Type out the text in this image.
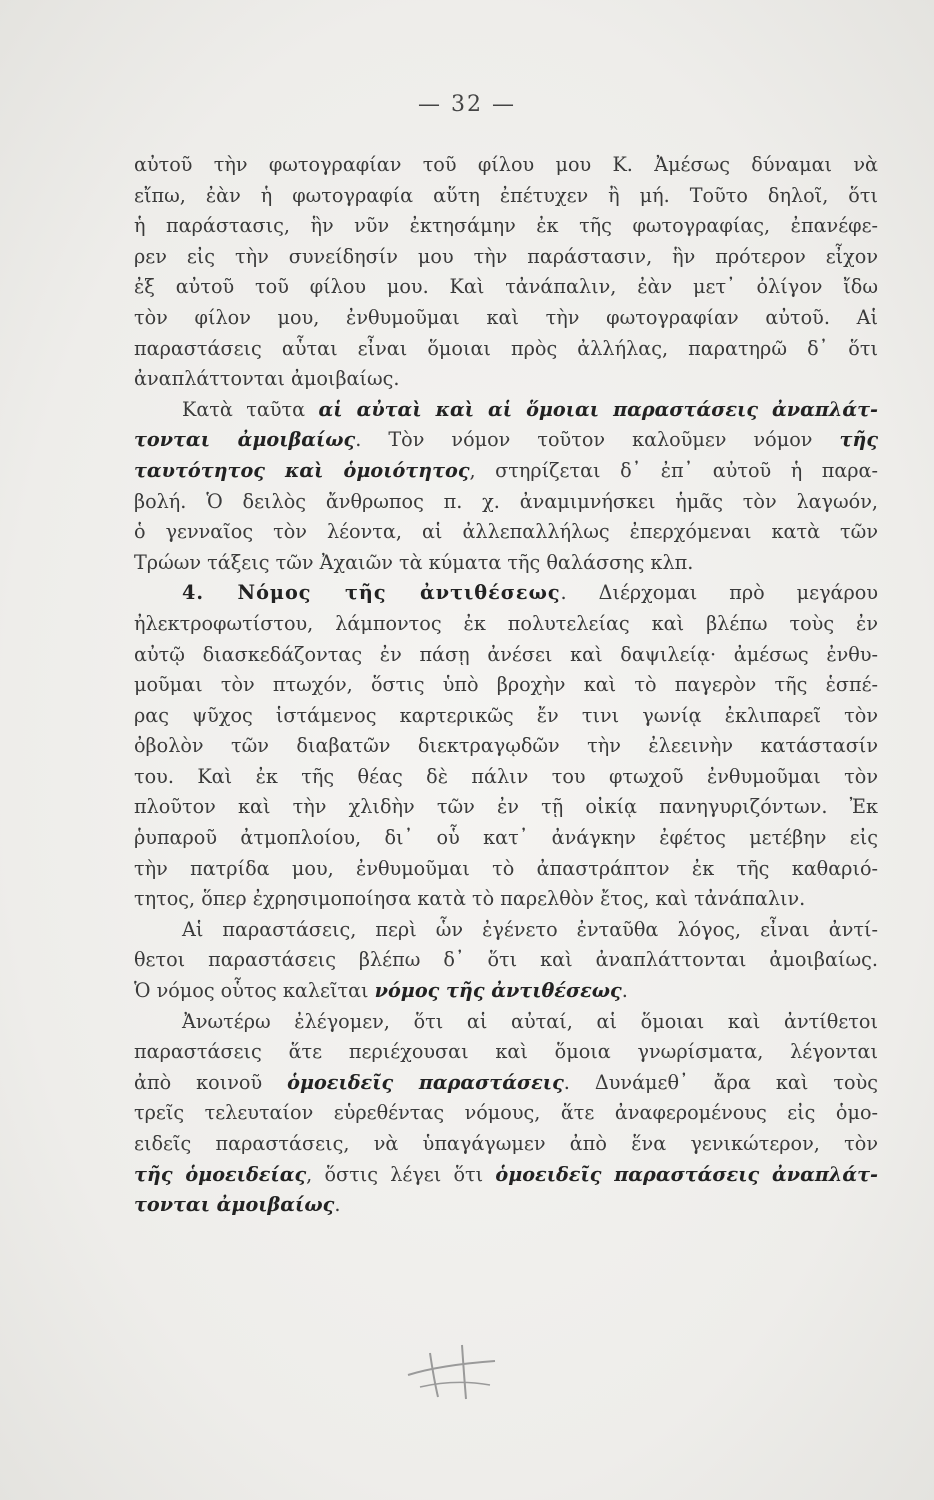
— 32 —
αὐτοῦ τὴν φωτογραφίαν τοῦ φίλου μου Κ. Ἀμέσως δύναμαι νὰ
εἴπω, ἐὰν ἡ φωτογραφία αὕτη ἐπέτυχεν ἢ μή. Τοῦτο δηλοῖ, ὅτι
ἡ παράστασις, ἣν νῦν ἐκτησάμην ἐκ τῆς φωτογραφίας, ἐπανέφε-
ρεν εἰς τὴν συνείδησίν μου τὴν παράστασιν, ἣν πρότερον εἶχον
ἐξ αὐτοῦ τοῦ φίλου μου. Καὶ τἀνάπαλιν, ἐὰν μετ᾽ ὀλίγον ἴδω
τὸν φίλον μου, ἐνθυμοῦμαι καὶ τὴν φωτογραφίαν αὐτοῦ. Αἱ
παραστάσεις αὗται εἶναι ὅμοιαι πρὸς ἀλλήλας, παρατηρῶ δ᾽ ὅτι
ἀναπλάττονται ἀμοιβαίως.
Κατὰ ταῦτα αἱ αὐταὶ καὶ αἱ ὅμοιαι παραστάσεις ἀναπλάτ-
τονται ἀμοιβαίως. Τὸν νόμον τοῦτον καλοῦμεν νόμον τῆς
ταυτότητος καὶ ὁμοιότητος, στηρίζεται δ᾽ ἐπ᾽ αὐτοῦ ἡ παρα-
βολή. Ὁ δειλὸς ἄνθρωπος π. χ. ἀναμιμνήσκει ἡμᾶς τὸν λαγωόν,
ὁ γενναῖος τὸν λέοντα, αἱ ἀλλεπαλλήλως ἐπερχόμεναι κατὰ τῶν
Τρώων τάξεις τῶν Ἀχαιῶν τὰ κύματα τῆς θαλάσσης κλπ.
4. Νόμος τῆς ἀντιθέσεως. Διέρχομαι πρὸ μεγάρου
ἠλεκτροφωτίστου, λάμποντος ἐκ πολυτελείας καὶ βλέπω τοὺς ἐν
αὐτῷ διασκεδάζοντας ἐν πάσῃ ἀνέσει καὶ δαψιλείᾳ· ἀμέσως ἐνθυ-
μοῦμαι τὸν πτωχόν, ὅστις ὑπὸ βροχὴν καὶ τὸ παγερὸν τῆς ἑσπέ-
ρας ψῦχος ἱστάμενος καρτερικῶς ἔν τινι γωνίᾳ ἐκλιπαρεῖ τὸν
ὀβολὸν τῶν διαβατῶν διεκτραγῳδῶν τὴν ἐλεεινὴν κατάστασίν
του. Καὶ ἐκ τῆς θέας δὲ πάλιν του φτωχοῦ ἐνθυμοῦμαι τὸν
πλοῦτον καὶ τὴν χλιδὴν τῶν ἐν τῇ οἰκίᾳ πανηγυριζόντων. Ἐκ
ῥυπαροῦ ἀτμοπλοίου, δι᾽ οὗ κατ᾽ ἀνάγκην ἐφέτος μετέβην εἰς
τὴν πατρίδα μου, ἐνθυμοῦμαι τὸ ἀπαστράπτον ἐκ τῆς καθαριό-
τητος, ὅπερ ἐχρησιμοποίησα κατὰ τὸ παρελθὸν ἔτος, καὶ τἀνάπαλιν.
Αἱ παραστάσεις, περὶ ὧν ἐγένετο ἐνταῦθα λόγος, εἶναι ἀντί-
θετοι παραστάσεις βλέπω δ᾽ ὅτι καὶ ἀναπλάττονται ἀμοιβαίως.
Ὁ νόμος οὗτος καλεῖται νόμος τῆς ἀντιθέσεως.
Ἀνωτέρω ἐλέγομεν, ὅτι αἱ αὐταί, αἱ ὅμοιαι καὶ ἀντίθετοι
παραστάσεις ἅτε περιέχουσαι καὶ ὅμοια γνωρίσματα, λέγονται
ἀπὸ κοινοῦ ὁμοειδεῖς παραστάσεις. Δυνάμεθ᾽ ἄρα καὶ τοὺς
τρεῖς τελευταίον εὑρεθέντας νόμους, ἅτε ἀναφερομένους εἰς ὁμο-
ειδεῖς παραστάσεις, νὰ ὑπαγάγωμεν ἀπὸ ἕνα γενικώτερον, τὸν
τῆς ὁμοειδείας, ὅστις λέγει ὅτι ὁμοειδεῖς παραστάσεις ἀναπλάτ-
τονται ἀμοιβαίως.
